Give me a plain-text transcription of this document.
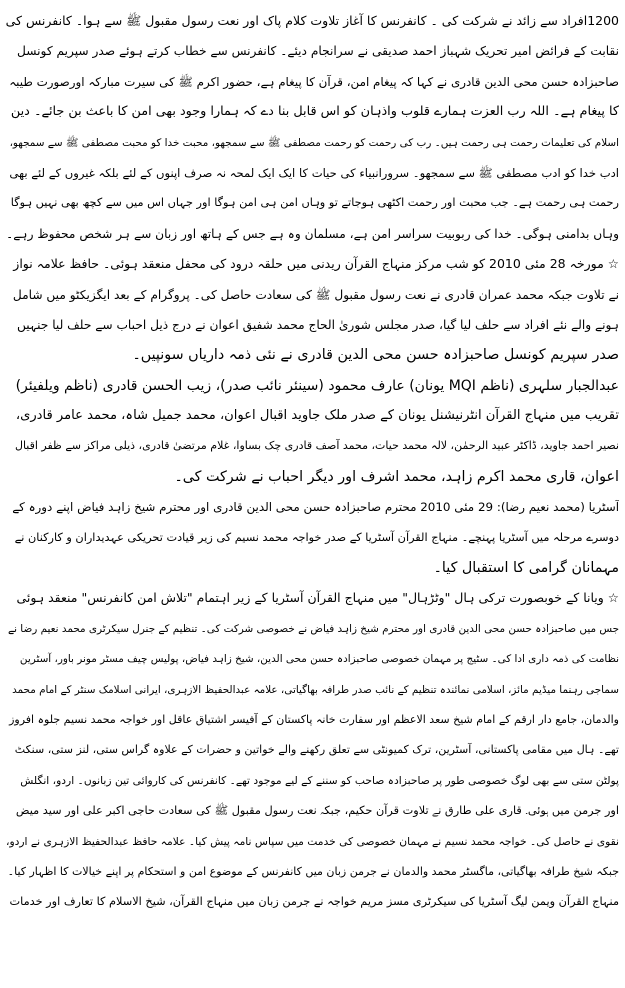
1200افراد سے زائد نے شرکت کی ۔ کانفرنس کا آغاز تلاوت کلام پاک اور نعت رسول مقبول ﷺ سے ہوا۔ کانفرنس کی
نقابت کے فرائض امیر تحریک شہباز احمد صدیقی نے سرانجام دیئے۔ کانفرنس سے خطاب کرتے ہوئے صدر سپریم کونسل
صاحبزادہ حسن محی الدین قادری نے کہا کہ پیغام امن، قرآن کا پیغام ہے، حضور اکرم ﷺ کی سیرت مبارکہ اورصورت طیبہ
کا پیغام ہے۔ اللہ رب العزت ہمارے قلوب واذہان کو اس قابل بنا دے کہ ہمارا وجود بھی امن کا باعث بن جائے۔ دین
اسلام کی تعلیمات رحمت ہی رحمت ہیں۔ رب کی رحمت کو رحمت مصطفی ﷺ سے سمجھو، محبت خدا کو محبت مصطفی ﷺ سے سمجھو،
ادب خدا کو ادب مصطفی ﷺ سے سمجھو۔ سرورانبیاء کی حیات کا ایک ایک لمحہ نہ صرف اپنوں کے لئے بلکہ غیروں کے لئے بھی
رحمت ہی رحمت ہے۔ جب محبت اور رحمت اکٹھی ہوجاتے تو وہاں امن ہی امن ہوگا اور جہاں اس میں سے کچھ بھی نہیں ہوگا
وہاں بدامنی ہوگی۔ خدا کی ربوبیت سراسر امن ہے، مسلمان وہ ہے جس کے ہاتھ اور زبان سے ہر شخص محفوظ رہے۔
☆ مورخہ 28 مئی 2010 کو شب مرکز منہاج القرآن ریدنی میں حلقہ درود کی محفل منعقد ہوئی۔ حافظ علامہ نواز
نے تلاوت جبکہ محمد عمران قادری نے نعت رسول مقبول ﷺ کی سعادت حاصل کی۔ پروگرام کے بعد ایگزیکٹو میں شامل
ہونے والے نئے افراد سے حلف لیا گیا، صدر مجلس شوریٰ الحاج محمد شفیق اعوان نے درج ذیل احباب سے حلف لیا جنہیں
صدر سپریم کونسل صاحبزادہ حسن محی الدین قادری نے نئی ذمہ داریاں سونپیں۔
عبدالجبار سلہری (ناظم MQI یونان) عارف محمود (سینئر نائب صدر)، زیب الحسن قادری (ناظم ویلفیئر)
تقریب میں منہاج القرآن انٹرنیشنل یونان کے صدر ملک جاوید اقبال اعوان، محمد جمیل شاہ، محمد عامر قادری،
نصیر احمد جاوید، ڈاکٹر عبید الرحمٰن، لالہ محمد حیات، محمد آصف قادری چک بساوا، غلام مرتضیٰ قادری، ذیلی مراکز سے ظفر اقبال
اعوان، قاری محمد اکرم زاہد، محمد اشرف اور دیگر احباب نے شرکت کی۔
آسٹریا (محمد نعیم رضا): 29 مئی 2010 محترم صاحبزادہ حسن محی الدین قادری اور محترم شیخ زاہد فیاض اپنے دورہ کے
دوسرے مرحلہ میں آسٹریا پہنچے۔ منہاج القرآن آسٹریا کے صدر خواجہ محمد نسیم کی زیر قیادت تحریکی عہدیداران و کارکنان نے
مہمانان گرامی کا استقبال کیا۔
☆ ویانا کے خوبصورت ترکی ہال "وٹڑہال" میں منہاج القرآن آسٹریا کے زیر اہتمام "تلاش امن کانفرنس" منعقد ہوئی
جس میں صاحبزادہ حسن محی الدین قادری اور محترم شیخ زاہد فیاض نے خصوصی شرکت کی۔ تنظیم کے جنرل سیکرٹری محمد نعیم رضا نے
نظامت کی ذمہ داری ادا کی۔ سٹیج پر مہمان خصوصی صاحبزادہ حسن محی الدین، شیخ زاہد فیاض، پولیس چیف مسٹر مونر باور، آسٹرین
سماجی رہنما میڈیم مائز، اسلامی نمائندہ تنظیم کے نائب صدر طرافہ بھاگیاتی، علامہ عبدالحفیظ الازہری، ایرانی اسلامک سنٹر کے امام محمد
والدمان، جامع دار ارقم کے امام شیخ سعد الاعظم اور سفارت خانہ پاکستان کے آفیسر اشتیاق عاقل اور خواجہ محمد نسیم جلوہ افروز
تھے۔ ہال میں مقامی پاکستانی، آسٹرین، ترک کمیونٹی سے تعلق رکھنے والے خواتین و حضرات کے علاوہ گراس ستی، لنز ستی، سنکٹ
پولٹن ستی سے بھی لوگ خصوصی طور پر صاحبزادہ صاحب کو سننے کے لیے موجود تھے۔ کانفرنس کی کاروائی تین زبانوں۔ اردو، انگلش
اور جرمن میں ہوئی۔ قاری علی طارق نے تلاوت قرآن حکیم، جبکہ نعت رسول مقبول ﷺ کی سعادت حاجی اکبر علی اور سید میض
نقوی نے حاصل کی۔ خواجہ محمد نسیم نے مہمان خصوصی کی خدمت میں سپاس نامہ پیش کیا۔ علامہ حافظ عبدالحفیظ الازہری نے اردو،
جبکہ شیخ طرافہ بھاگیاتی، ماگسٹر محمد والدمان نے جرمن زبان میں کانفرنس کے موضوع امن و استحکام پر اپنے خیالات کا اظہار کیا۔
منہاج القرآن ویمن لیگ آسٹریا کی سیکرٹری مسز مریم خواجہ نے جرمن زبان میں منہاج القرآن، شیخ الاسلام کا تعارف اور خدمات
